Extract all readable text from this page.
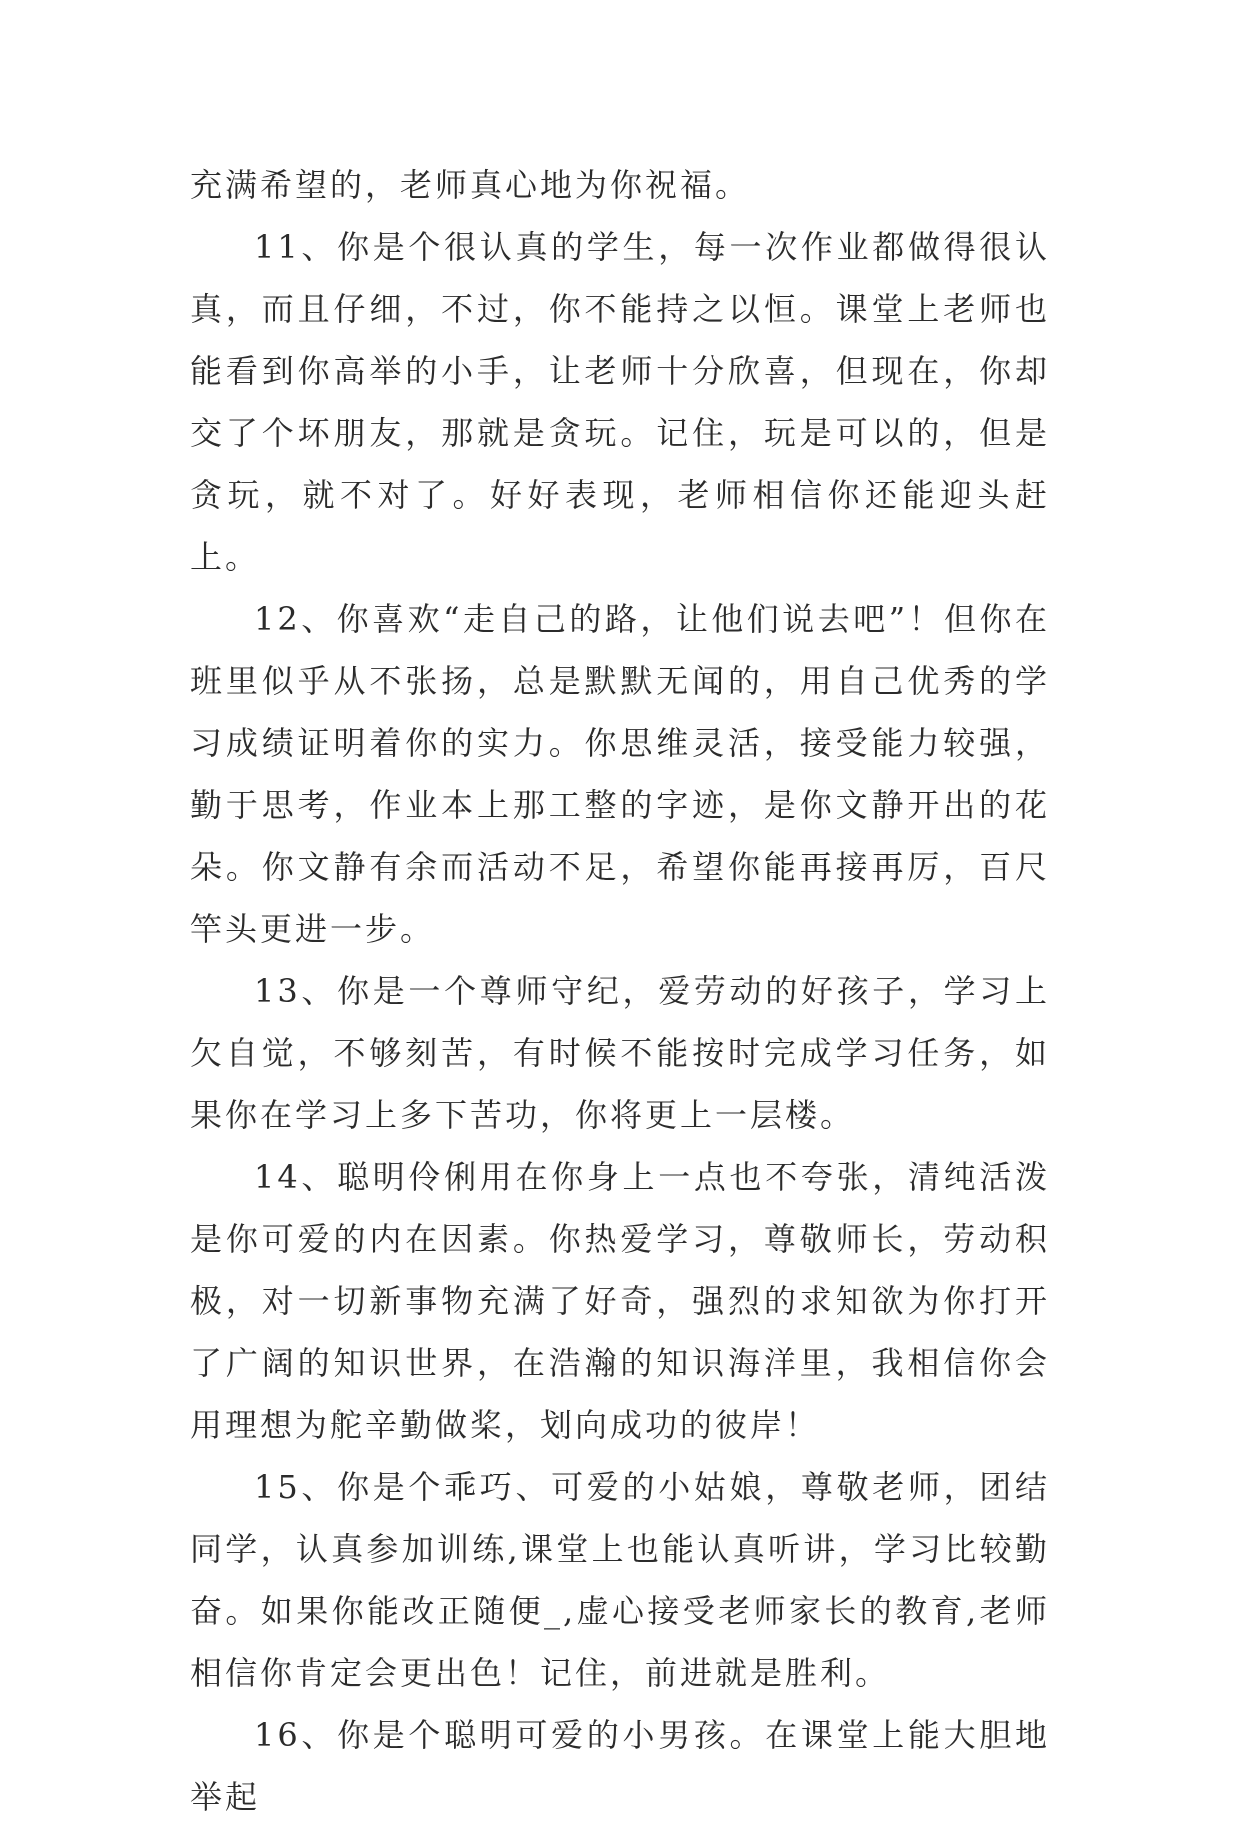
充满希望的，老师真心地为你祝福。

11、你是个很认真的学生，每一次作业都做得很认真，而且仔细，不过，你不能持之以恒。课堂上老师也能看到你高举的小手，让老师十分欣喜，但现在，你却交了个坏朋友，那就是贪玩。记住，玩是可以的，但是贪玩，就不对了。好好表现，老师相信你还能迎头赶上。

12、你喜欢“走自己的路，让他们说去吧”！但你在班里似乎从不张扬，总是默默无闻的，用自己优秀的学习成绩证明着你的实力。你思维灵活，接受能力较强，勤于思考，作业本上那工整的字迹，是你文静开出的花朵。你文静有余而活动不足，希望你能再接再厉，百尺竿头更进一步。

13、你是一个尊师守纪，爱劳动的好孩子，学习上欠自觉，不够刻苦，有时候不能按时完成学习任务，如果你在学习上多下苦功，你将更上一层楼。

14、聪明伶俐用在你身上一点也不夸张，清纯活泼是你可爱的内在因素。你热爱学习，尊敬师长，劳动积极，对一切新事物充满了好奇，强烈的求知欲为你打开了广阔的知识世界，在浩瀚的知识海洋里，我相信你会用理想为舵辛勤做桨，划向成功的彼岸！

15、你是个乖巧、可爱的小姑娘，尊敬老师，团结同学，认真参加训练,课堂上也能认真听讲，学习比较勤奋。如果你能改正随便_,虚心接受老师家长的教育,老师相信你肯定会更出色！记住，前进就是胜利。

16、你是个聪明可爱的小男孩。在课堂上能大胆地举起
